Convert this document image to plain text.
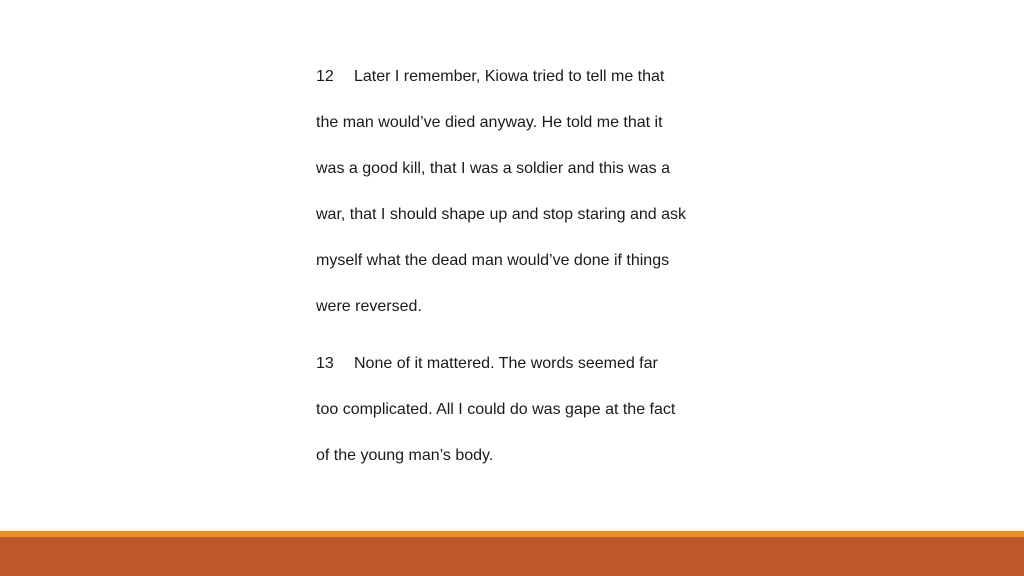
12 Later I remember, Kiowa tried to tell me that
the man would’ve died anyway. He told me that it
was a good kill, that I was a soldier and this was a
war, that I should shape up and stop staring and ask
myself what the dead man would’ve done if things
were reversed.
13 None of it mattered. The words seemed far
too complicated. All I could do was gape at the fact
of the young man’s body.
